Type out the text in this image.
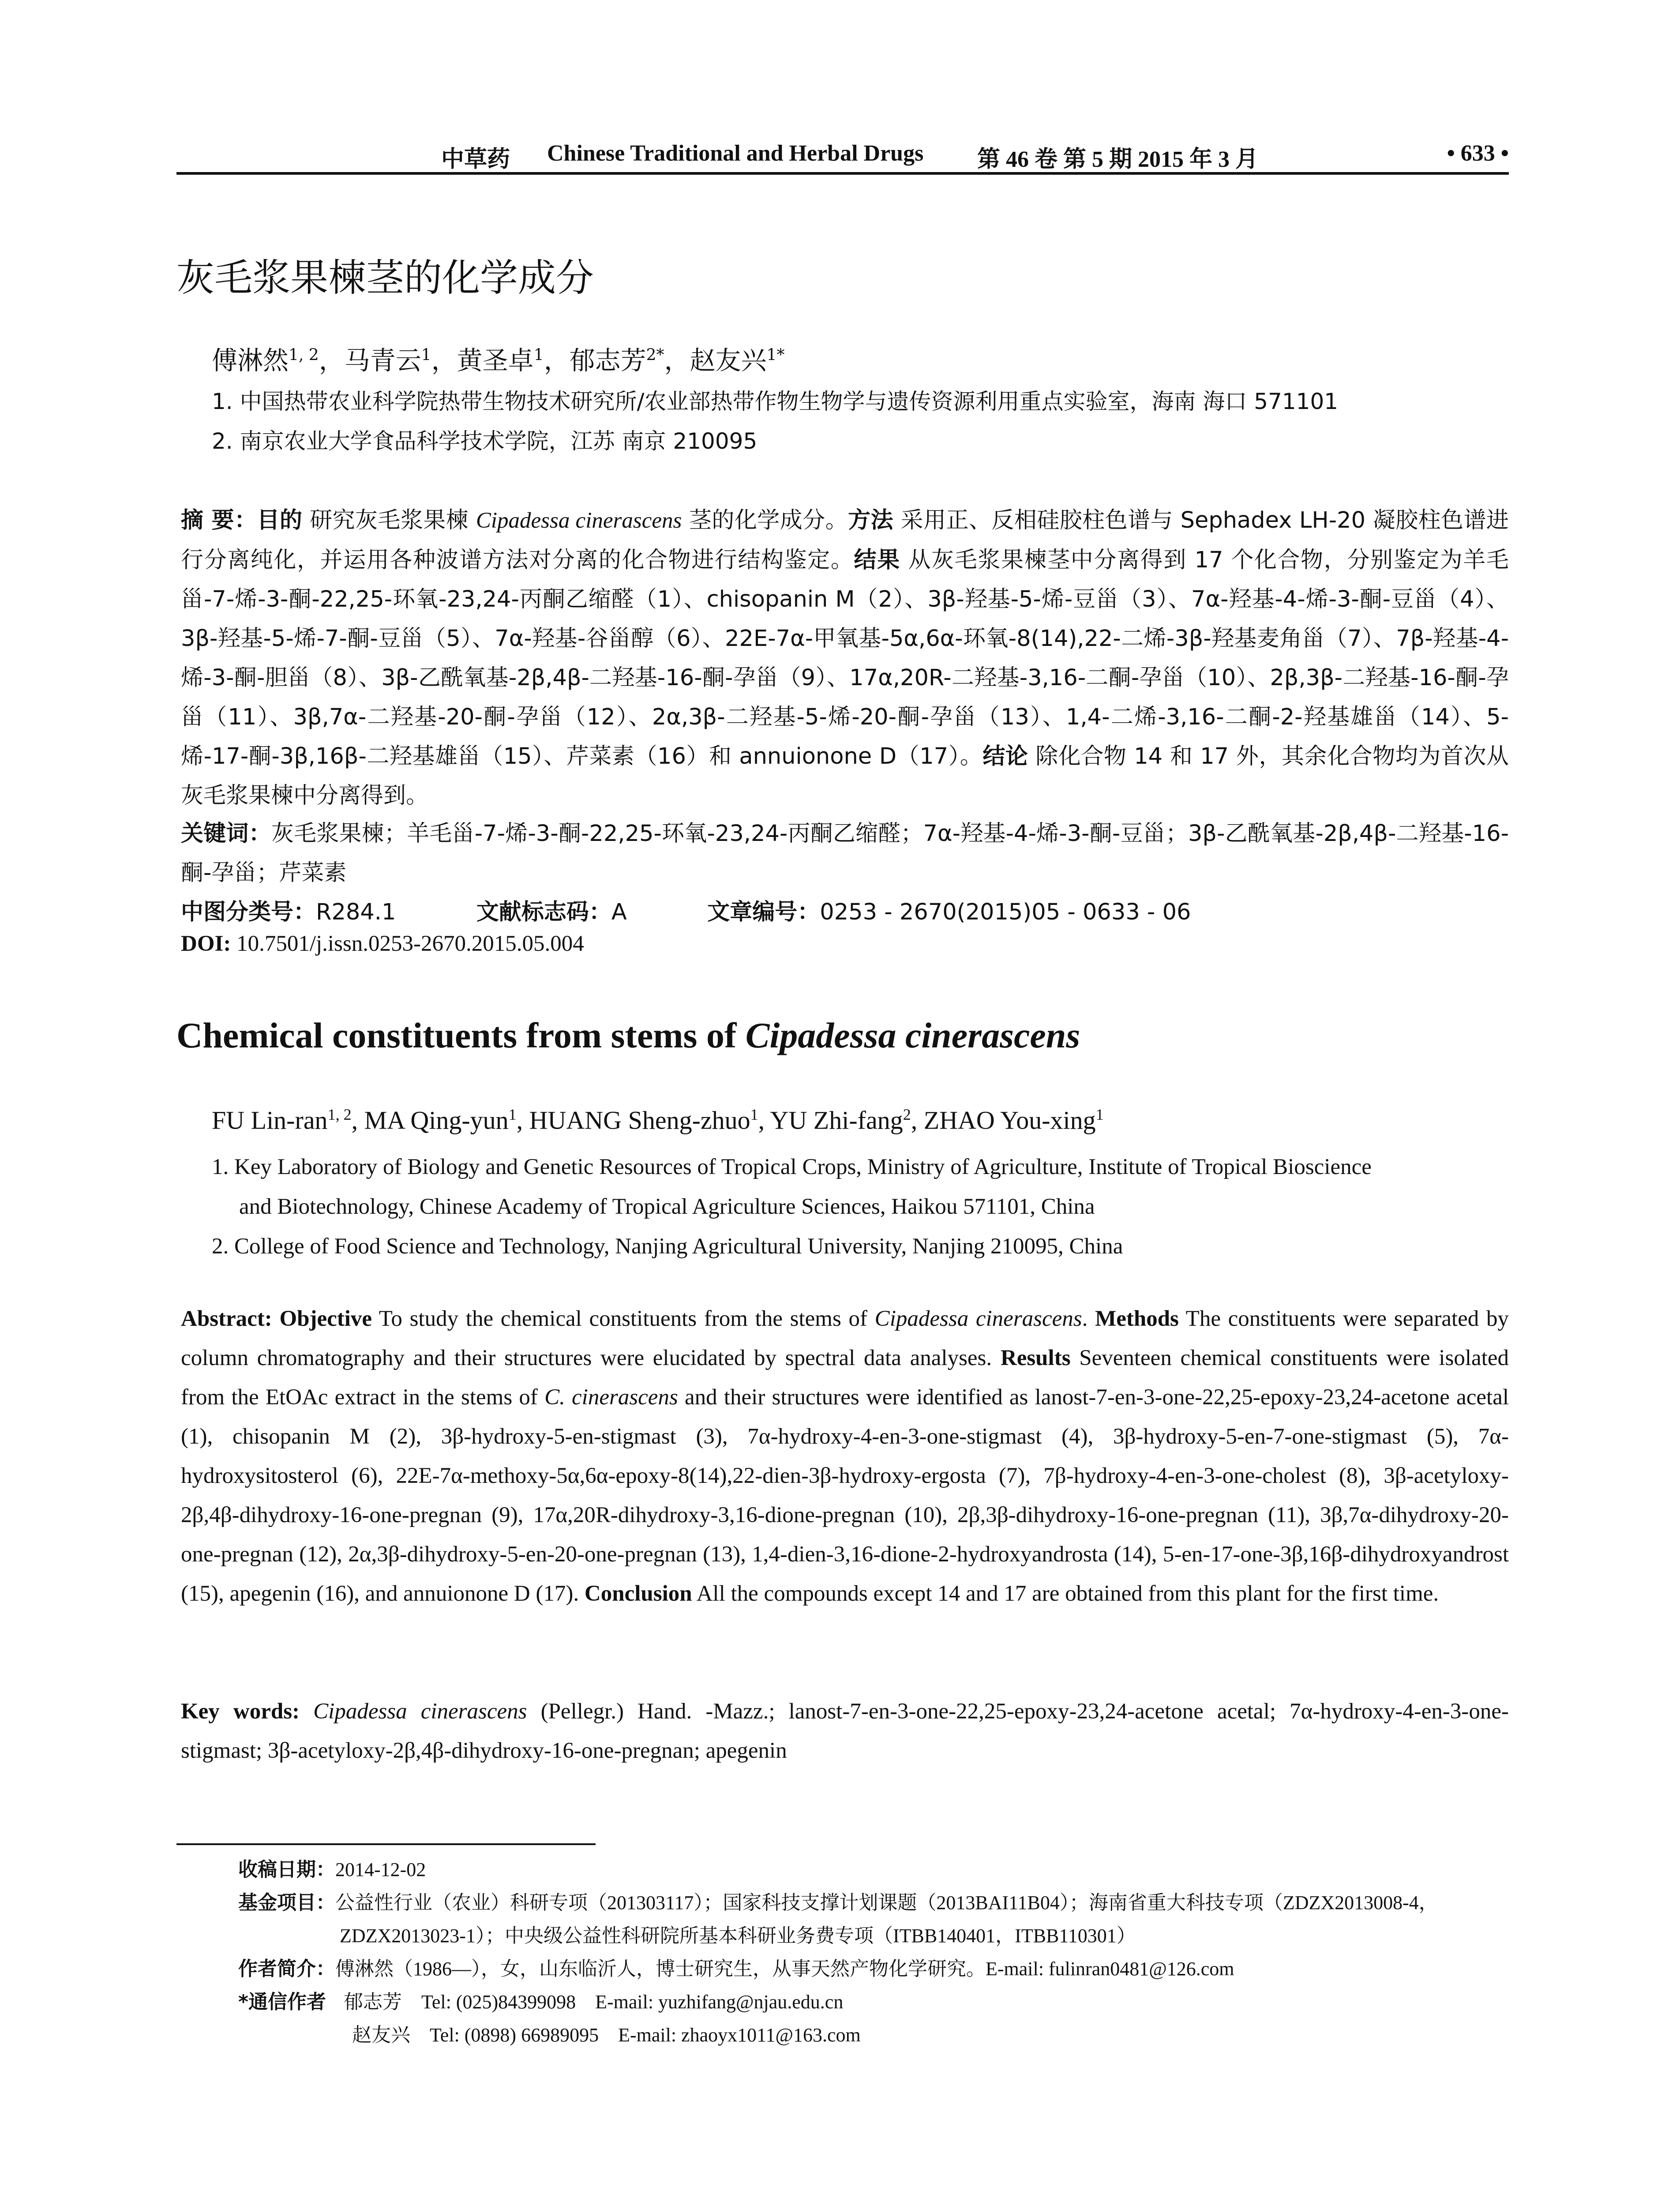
中草药 Chinese Traditional and Herbal Drugs 第 46 卷 第 5 期 2015 年 3 月	• 633 •
灰毛浆果楝茎的化学成分
傅淋然$^{1, 2}$，马青云$^1$，黄圣卓$^1$，郁志芳$^{2*}$，赵友兴$^{1*}$
1. 中国热带农业科学院热带生物技术研究所/农业部热带作物生物学与遗传资源利用重点实验室，海南 海口 571101
2. 南京农业大学食品科学技术学院，江苏 南京 210095
摘 要：目的 研究灰毛浆果楝 Cipadessa cinerascens 茎的化学成分。方法 采用正、反相硅胶柱色谱与 Sephadex LH-20 凝胶柱色谱进行分离纯化，并运用各种波谱方法对分离的化合物进行结构鉴定。结果 从灰毛浆果楝茎中分离得到 17 个化合物，分别鉴定为羊毛甾-7-烯-3-酮-22,25-环氧-23,24-丙酮乙缩醛（1）、chisopanin M（2）、3β-羟基-5-烯-豆甾（3）、7α-羟基-4-烯-3-酮-豆甾（4）、3β-羟基-5-烯-7-酮-豆甾（5）、7α-羟基-谷甾醇（6）、22E-7α-甲氧基-5α,6α-环氧-8(14),22-二烯-3β-羟基麦角甾（7）、7β-羟基-4-烯-3-酮-胆甾（8）、3β-乙酰氧基-2β,4β-二羟基-16-酮-孕甾（9）、17α,20R-二羟基-3,16-二酮-孕甾（10）、2β,3β-二羟基-16-酮-孕甾（11）、3β,7α-二羟基-20-酮-孕甾（12）、2α,3β-二羟基-5-烯-20-酮-孕甾（13）、1,4-二烯-3,16-二酮-2-羟基雄甾（14）、5-烯-17-酮-3β,16β-二羟基雄甾（15）、芹菜素（16）和 annuionone D（17）。结论 除化合物 14 和 17 外，其余化合物均为首次从灰毛浆果楝中分离得到。
关键词：灰毛浆果楝；羊毛甾-7-烯-3-酮-22,25-环氧-23,24-丙酮乙缩醛；7α-羟基-4-烯-3-酮-豆甾；3β-乙酰氧基-2β,4β-二羟基-16-酮-孕甾；芹菜素
中图分类号：R284.1	文献标志码：A	文章编号：0253 - 2670(2015)05 - 0633 - 06
DOI: 10.7501/j.issn.0253-2670.2015.05.004
Chemical constituents from stems of Cipadessa cinerascens
FU Lin-ran$^{1, 2}$, MA Qing-yun$^1$, HUANG Sheng-zhuo$^1$, YU Zhi-fang$^2$, ZHAO You-xing$^1$
1. Key Laboratory of Biology and Genetic Resources of Tropical Crops, Ministry of Agriculture, Institute of Tropical Bioscience
and Biotechnology, Chinese Academy of Tropical Agriculture Sciences, Haikou 571101, China
2. College of Food Science and Technology, Nanjing Agricultural University, Nanjing 210095, China
Abstract: Objective To study the chemical constituents from the stems of Cipadessa cinerascens. Methods The constituents were separated by column chromatography and their structures were elucidated by spectral data analyses. Results Seventeen chemical constituents were isolated from the EtOAc extract in the stems of C. cinerascens and their structures were identified as lanost-7-en-3-one-22,25-epoxy-23,24-acetone acetal (1), chisopanin M (2), 3β-hydroxy-5-en-stigmast (3), 7α-hydroxy-4-en-3-one-stigmast (4), 3β-hydroxy-5-en-7-one-stigmast (5), 7α-hydroxysitosterol (6), 22E-7α-methoxy-5α,6α-epoxy-8(14),22-dien-3β-hydroxy-ergosta (7), 7β-hydroxy-4-en-3-one-cholest (8), 3β-acetyloxy-2β,4β-dihydroxy-16-one-pregnan (9), 17α,20R-dihydroxy-3,16-dione-pregnan (10), 2β,3β-dihydroxy-16-one-pregnan (11), 3β,7α-dihydroxy-20-one-pregnan (12), 2α,3β-dihydroxy-5-en-20-one-pregnan (13), 1,4-dien-3,16-dione-2-hydroxyandrosta (14), 5-en-17-one-3β,16β-dihydroxyandrost (15), apegenin (16), and annuionone D (17). Conclusion All the compounds except 14 and 17 are obtained from this plant for the first time.
Key words: Cipadessa cinerascens (Pellegr.) Hand. -Mazz.; lanost-7-en-3-one-22,25-epoxy-23,24-acetone acetal; 7α-hydroxy-4-en-3-one-stigmast; 3β-acetyloxy-2β,4β-dihydroxy-16-one-pregnan; apegenin
收稿日期：2014-12-02
基金项目：公益性行业（农业）科研专项（201303117）；国家科技支撑计划课题（2013BAI11B04）；海南省重大科技专项（ZDZX2013008-4，
ZDZX2013023-1）；中央级公益性科研院所基本科研业务费专项（ITBB140401，ITBB110301）
作者简介：傅淋然（1986—），女，山东临沂人，博士研究生，从事天然产物化学研究。E-mail: fulinran0481@126.com
*通信作者 郁志芳    Tel: (025)84399098    E-mail: yuzhifang@njau.edu.cn
赵友兴    Tel: (0898) 66989095    E-mail: zhaoyx1011@163.com
